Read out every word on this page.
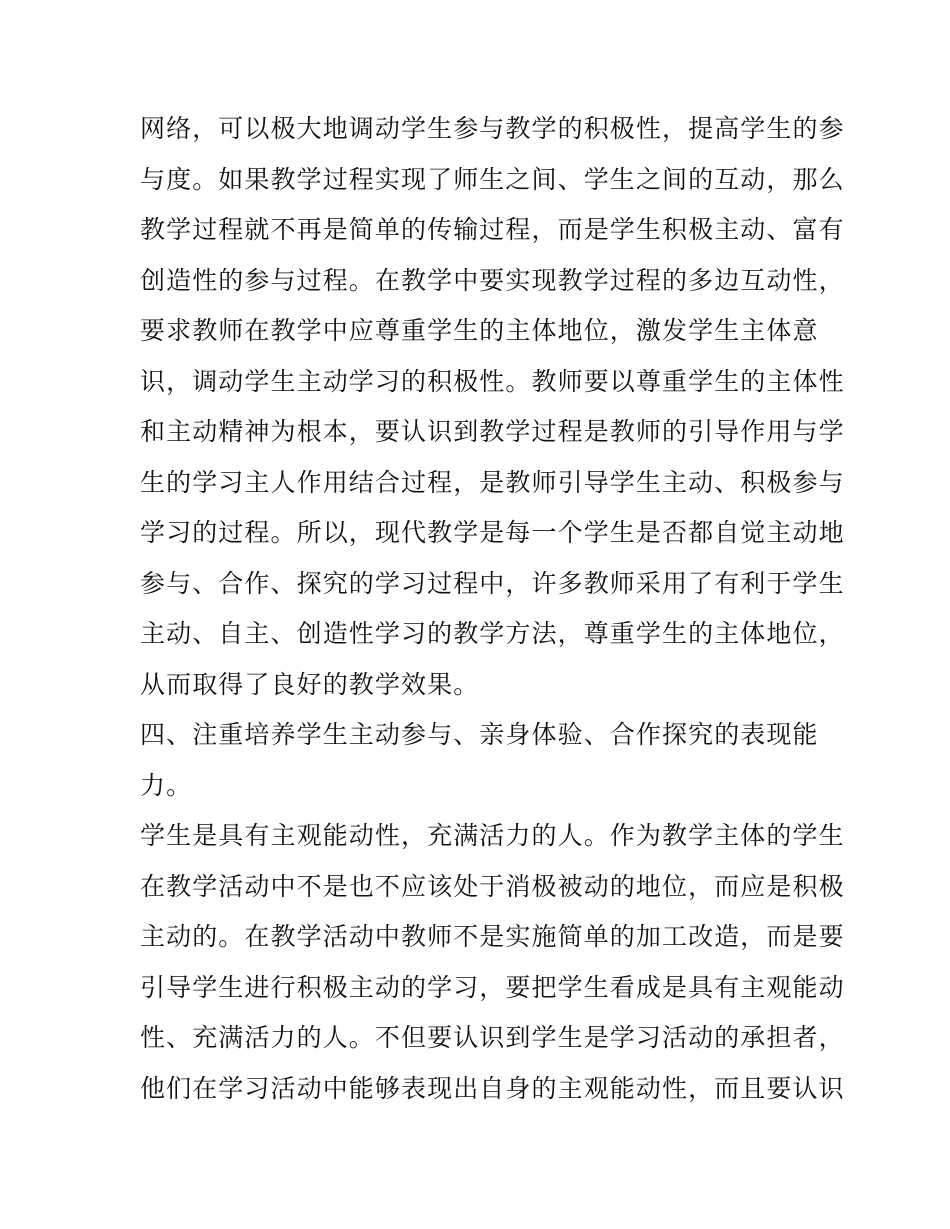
网络，可以极大地调动学生参与教学的积极性，提高学生的参
与度。如果教学过程实现了师生之间、学生之间的互动，那么
教学过程就不再是简单的传输过程，而是学生积极主动、富有
创造性的参与过程。在教学中要实现教学过程的多边互动性，
要求教师在教学中应尊重学生的主体地位，激发学生主体意
识，调动学生主动学习的积极性。教师要以尊重学生的主体性
和主动精神为根本，要认识到教学过程是教师的引导作用与学
生的学习主人作用结合过程，是教师引导学生主动、积极参与
学习的过程。所以，现代教学是每一个学生是否都自觉主动地
参与、合作、探究的学习过程中，许多教师采用了有利于学生
主动、自主、创造性学习的教学方法，尊重学生的主体地位，
从而取得了良好的教学效果。
四、注重培养学生主动参与、亲身体验、合作探究的表现能
力。
学生是具有主观能动性，充满活力的人。作为教学主体的学生
在教学活动中不是也不应该处于消极被动的地位，而应是积极
主动的。在教学活动中教师不是实施简单的加工改造，而是要
引导学生进行积极主动的学习，要把学生看成是具有主观能动
性、充满活力的人。不但要认识到学生是学习活动的承担者，
他们在学习活动中能够表现出自身的主观能动性，而且要认识
